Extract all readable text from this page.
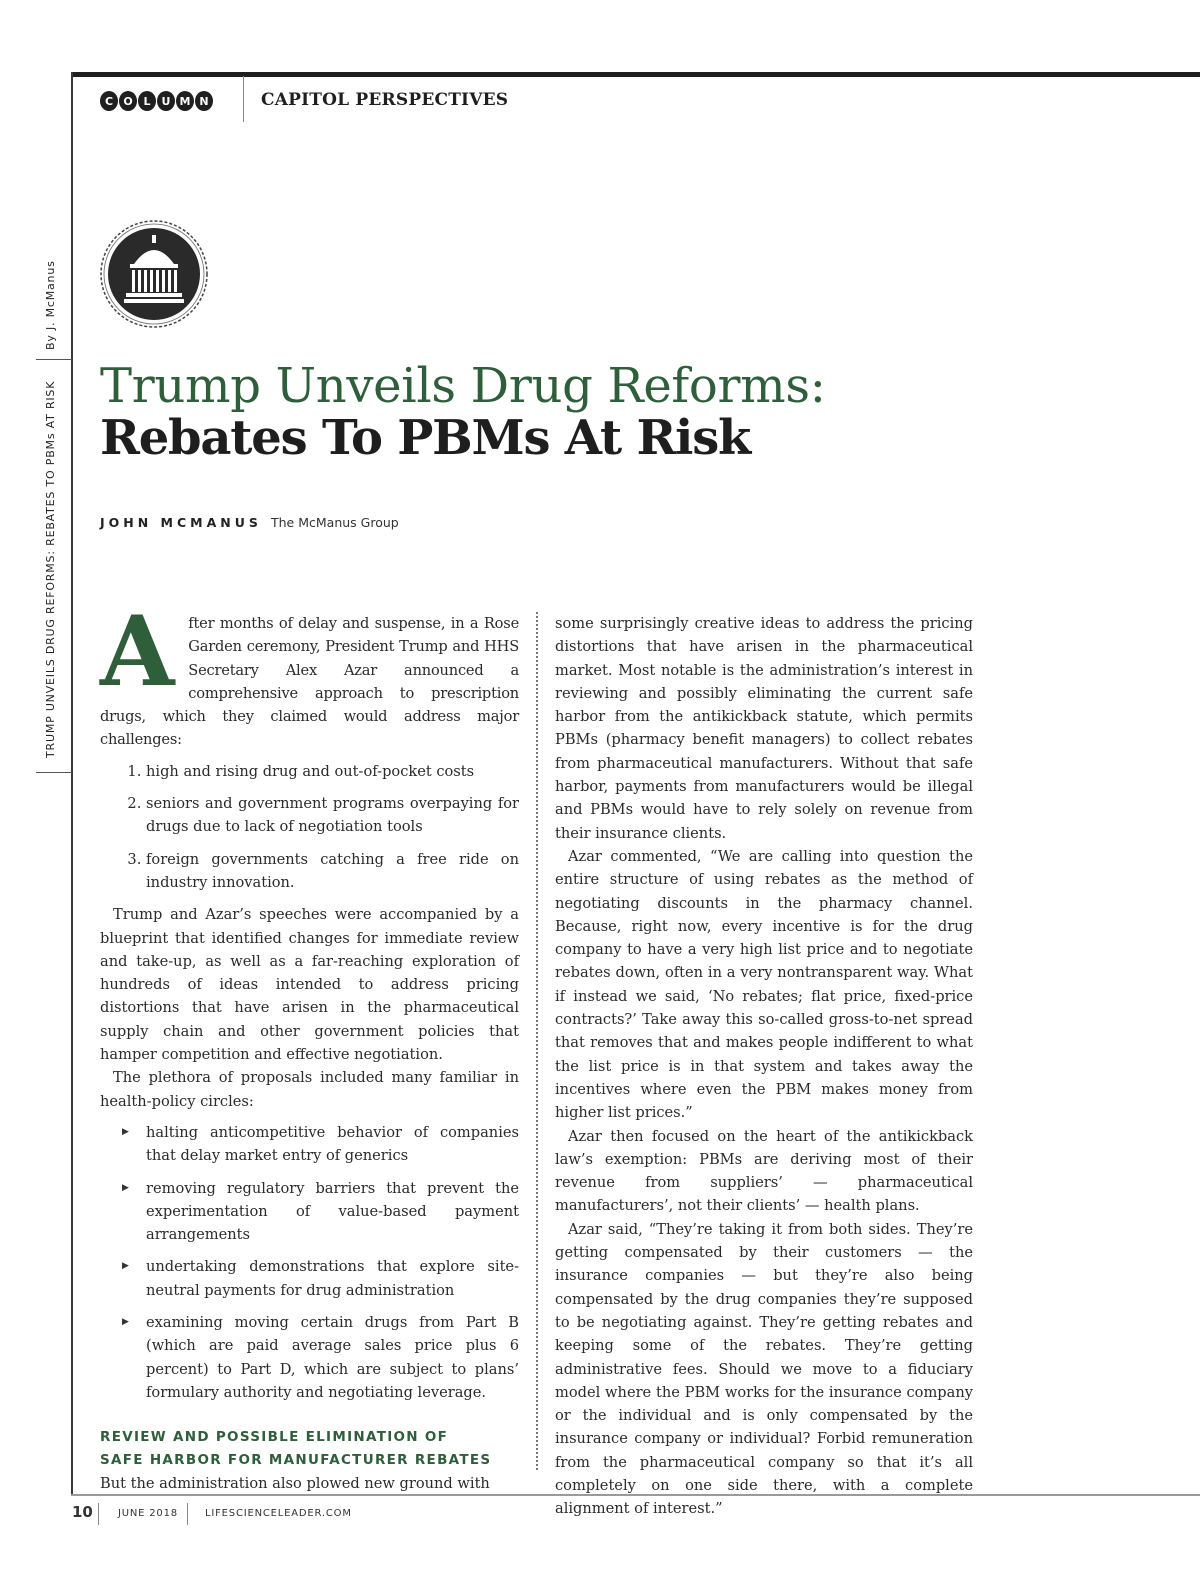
C O L	U M N	CAPITOL PERSPECTIVES
By J. McManus
TRUMP UNVEILS DRUG REFORMS: REBATES TO PBMs AT RISK Trump Unveils Drug Reforms:
Rebates To PBMs At Risk
JOHN MCMANUS The McManus Group

After months of delay and suspense, in a Rose Garden ceremony, President Trump and HHS Secretary Alex Azar announced a comprehensive approach to prescription drugs, which they claimed would address major challenges:

1. high and rising drug and out-of-pocket costs
2. seniors and government programs overpaying for drugs due to lack of negotiation tools
3. foreign governments catching a free ride on industry innovation.

Trump and Azar’s speeches were accompanied by a blueprint that identified changes for immediate review and take-up, as well as a far-reaching exploration of hundreds of ideas intended to address pricing distortions that have arisen in the pharmaceutical supply chain and other government policies that hamper competition and effective negotiation.

The plethora of proposals included many familiar in health-policy circles:

▶ halting anticompetitive behavior of companies that delay market entry of generics
▶ removing regulatory barriers that prevent the experimentation of value-based payment arrangements
▶ undertaking demonstrations that explore site-neutral payments for drug administration
▶ examining moving certain drugs from Part B (which are paid average sales price plus 6 percent) to Part D, which are subject to plans’ formulary authority and negotiating leverage.
REVIEW AND POSSIBLE ELIMINATION OF
SAFE HARBOR FOR MANUFACTURER REBATES

But the administration also plowed new ground with

some surprisingly creative ideas to address the pricing distortions that have arisen in the pharmaceutical market. Most notable is the administration’s interest in reviewing and possibly eliminating the current safe harbor from the antikickback statute, which permits PBMs (pharmacy benefit managers) to collect rebates from pharmaceutical manufacturers. Without that safe harbor, payments from manufacturers would be illegal and PBMs would have to rely solely on revenue from their insurance clients.

Azar commented, “We are calling into question the entire structure of using rebates as the method of negotiating discounts in the pharmacy channel. Because, right now, every incentive is for the drug company to have a very high list price and to negotiate rebates down, often in a very nontransparent way. What if instead we said, ‘No rebates; flat price, fixed-price contracts?’ Take away this so-called gross-to-net spread that removes that and makes people indifferent to what the list price is in that system and takes away the incentives where even the PBM makes money from higher list prices.”

Azar then focused on the heart of the antikickback law’s exemption: PBMs are deriving most of their revenue from suppliers’ — pharmaceutical manufacturers’, not their clients’ — health plans.

Azar said, “They’re taking it from both sides. They’re getting compensated by their customers — the insurance companies — but they’re also being compensated by the drug companies they’re supposed to be negotiating against. They’re getting rebates and keeping some of the rebates. They’re getting administrative fees. Should we move to a fiduciary model where the PBM works for the insurance company or the individual and is only compensated by the insurance company or individual? Forbid remuneration from the pharmaceutical company so that it’s all completely on one side there, with a complete alignment of interest.”

10	JUNE 2018	LIFESCIENCELEADER.COM
